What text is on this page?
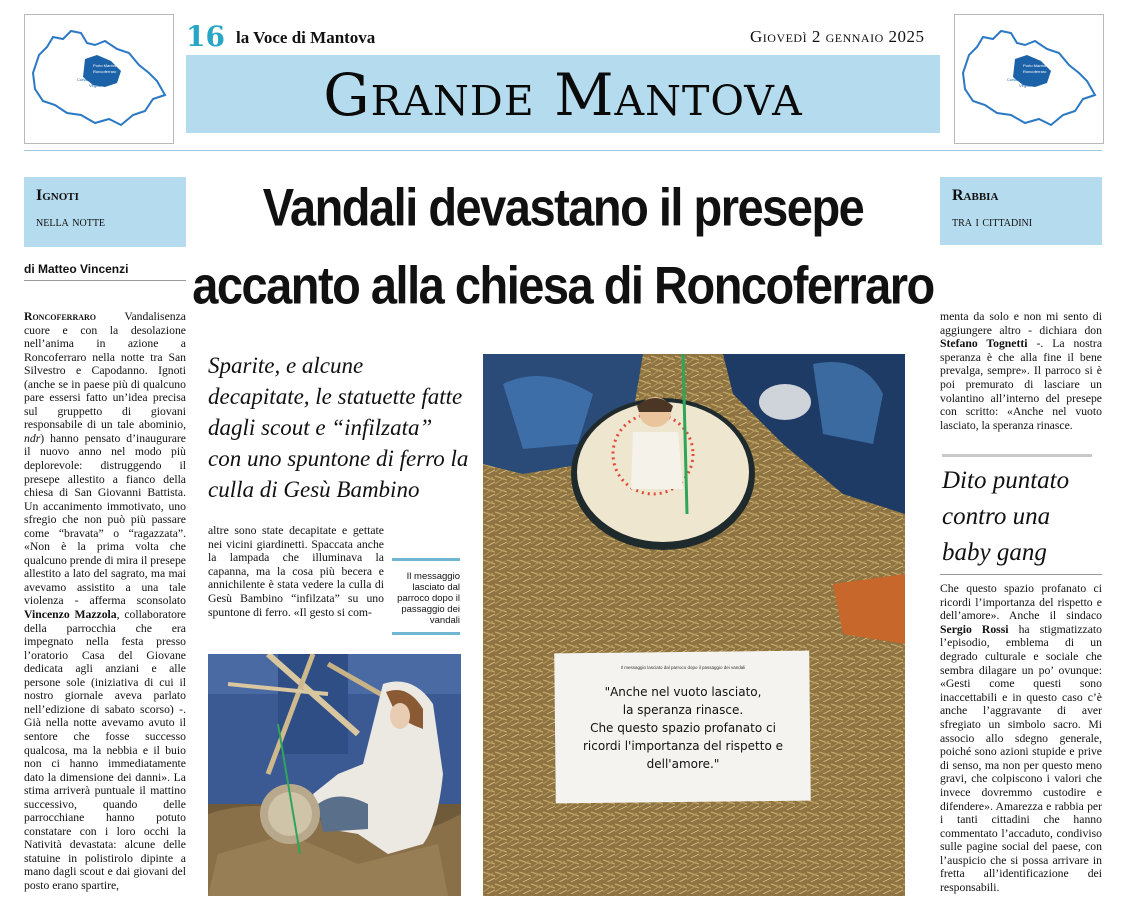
Porto Mantovano
Roncoferraro
Curtatone
Virgilio
Porto Mantovano
Roncoferraro
Curtatone
Virgilio
16 la Voce di Mantova	Giovedì 2 gennaio 2025
Grande Mantova
Ignoti
nella notte
Rabbia
tra i cittadini
di Matteo Vincenzi
Vandali devastano il presepe
accanto alla chiesa di Roncoferraro
Sparite, e alcune decapitate, le statuette fatte dagli scout e “infilzata” con uno spuntone di ferro la culla di Gesù Bambino

Roncoferraro Vandalisenza cuore e con la desolazione nell’anima in azione a Roncoferraro nella notte tra San Silvestro e Capodanno. Ignoti (anche se in paese più di qualcuno pare essersi fatto un’idea precisa sul gruppetto di giovani responsabile di un tale abominio, ndr) hanno pensato d’inaugurare il nuovo anno nel modo più deplorevole: distruggendo il presepe allestito a fianco della chiesa di San Giovanni Battista. Un accanimento immotivato, uno sfregio che non può più passare come “bravata” o “ragazzata”. «Non è la prima volta che qualcuno prende di mira il presepe allestito a lato del sagrato, ma mai avevamo assistito a una tale violenza - afferma sconsolato Vincenzo Mazzola, collaboratore della parrocchia che era impegnato nella festa presso l’oratorio Casa del Giovane dedicata agli anziani e alle persone sole (iniziativa di cui il nostro giornale aveva parlato nell’edizione di sabato scorso) -. Già nella notte avevamo avuto il sentore che fosse successo qualcosa, ma la nebbia e il buio non ci hanno immediatamente dato la dimensione dei danni». La stima arriverà puntuale il mattino successivo, quando delle parrocchiane hanno potuto constatare con i loro occhi la Natività devastata: alcune delle statuine in polistirolo dipinte a mano dagli scout e dai giovani del posto erano spartire,

altre sono state decapitate e gettate nei vicini giardinetti. Spaccata anche la lampada che illuminava la capanna, ma la cosa più becera e annichilente è stata vedere la culla di Gesù Bambino “infilzata” su uno spuntone di ferro. «Il gesto si com-

Il messaggio lasciato dal parroco dopo il passaggio dei vandali
Il messaggio lasciato dal parroco dopo il passaggio dei vandali
"Anche nel vuoto lasciato,
la speranza rinasce.
Che questo spazio profanato ci
ricordi l'importanza del rispetto e
dell'amore."

menta da solo e non mi sento di aggiungere altro - dichiara don Stefano Tognetti -. La nostra speranza è che alla fine il bene prevalga, sempre». Il parroco si è poi premurato di lasciare un volantino all’interno del presepe con scritto: «Anche nel vuoto lasciato, la speranza rinasce.

Dito puntato contro una baby gang

Che questo spazio profanato ci ricordi l’importanza del rispetto e dell’amore». Anche il sindaco Sergio Rossi ha stigmatizzato l’episodio, emblema di un degrado culturale e sociale che sembra dilagare un po’ ovunque: «Gesti come questi sono inaccettabili e in questo caso c’è anche l’aggravante di aver sfregiato un simbolo sacro. Mi associo allo sdegno generale, poiché sono azioni stupide e prive di senso, ma non per questo meno gravi, che colpiscono i valori che invece dovremmo custodire e difendere». Amarezza e rabbia per i tanti cittadini che hanno commentato l’accaduto, condiviso sulle pagine social del paese, con l’auspicio che si possa arrivare in fretta all’identificazione dei responsabili.
